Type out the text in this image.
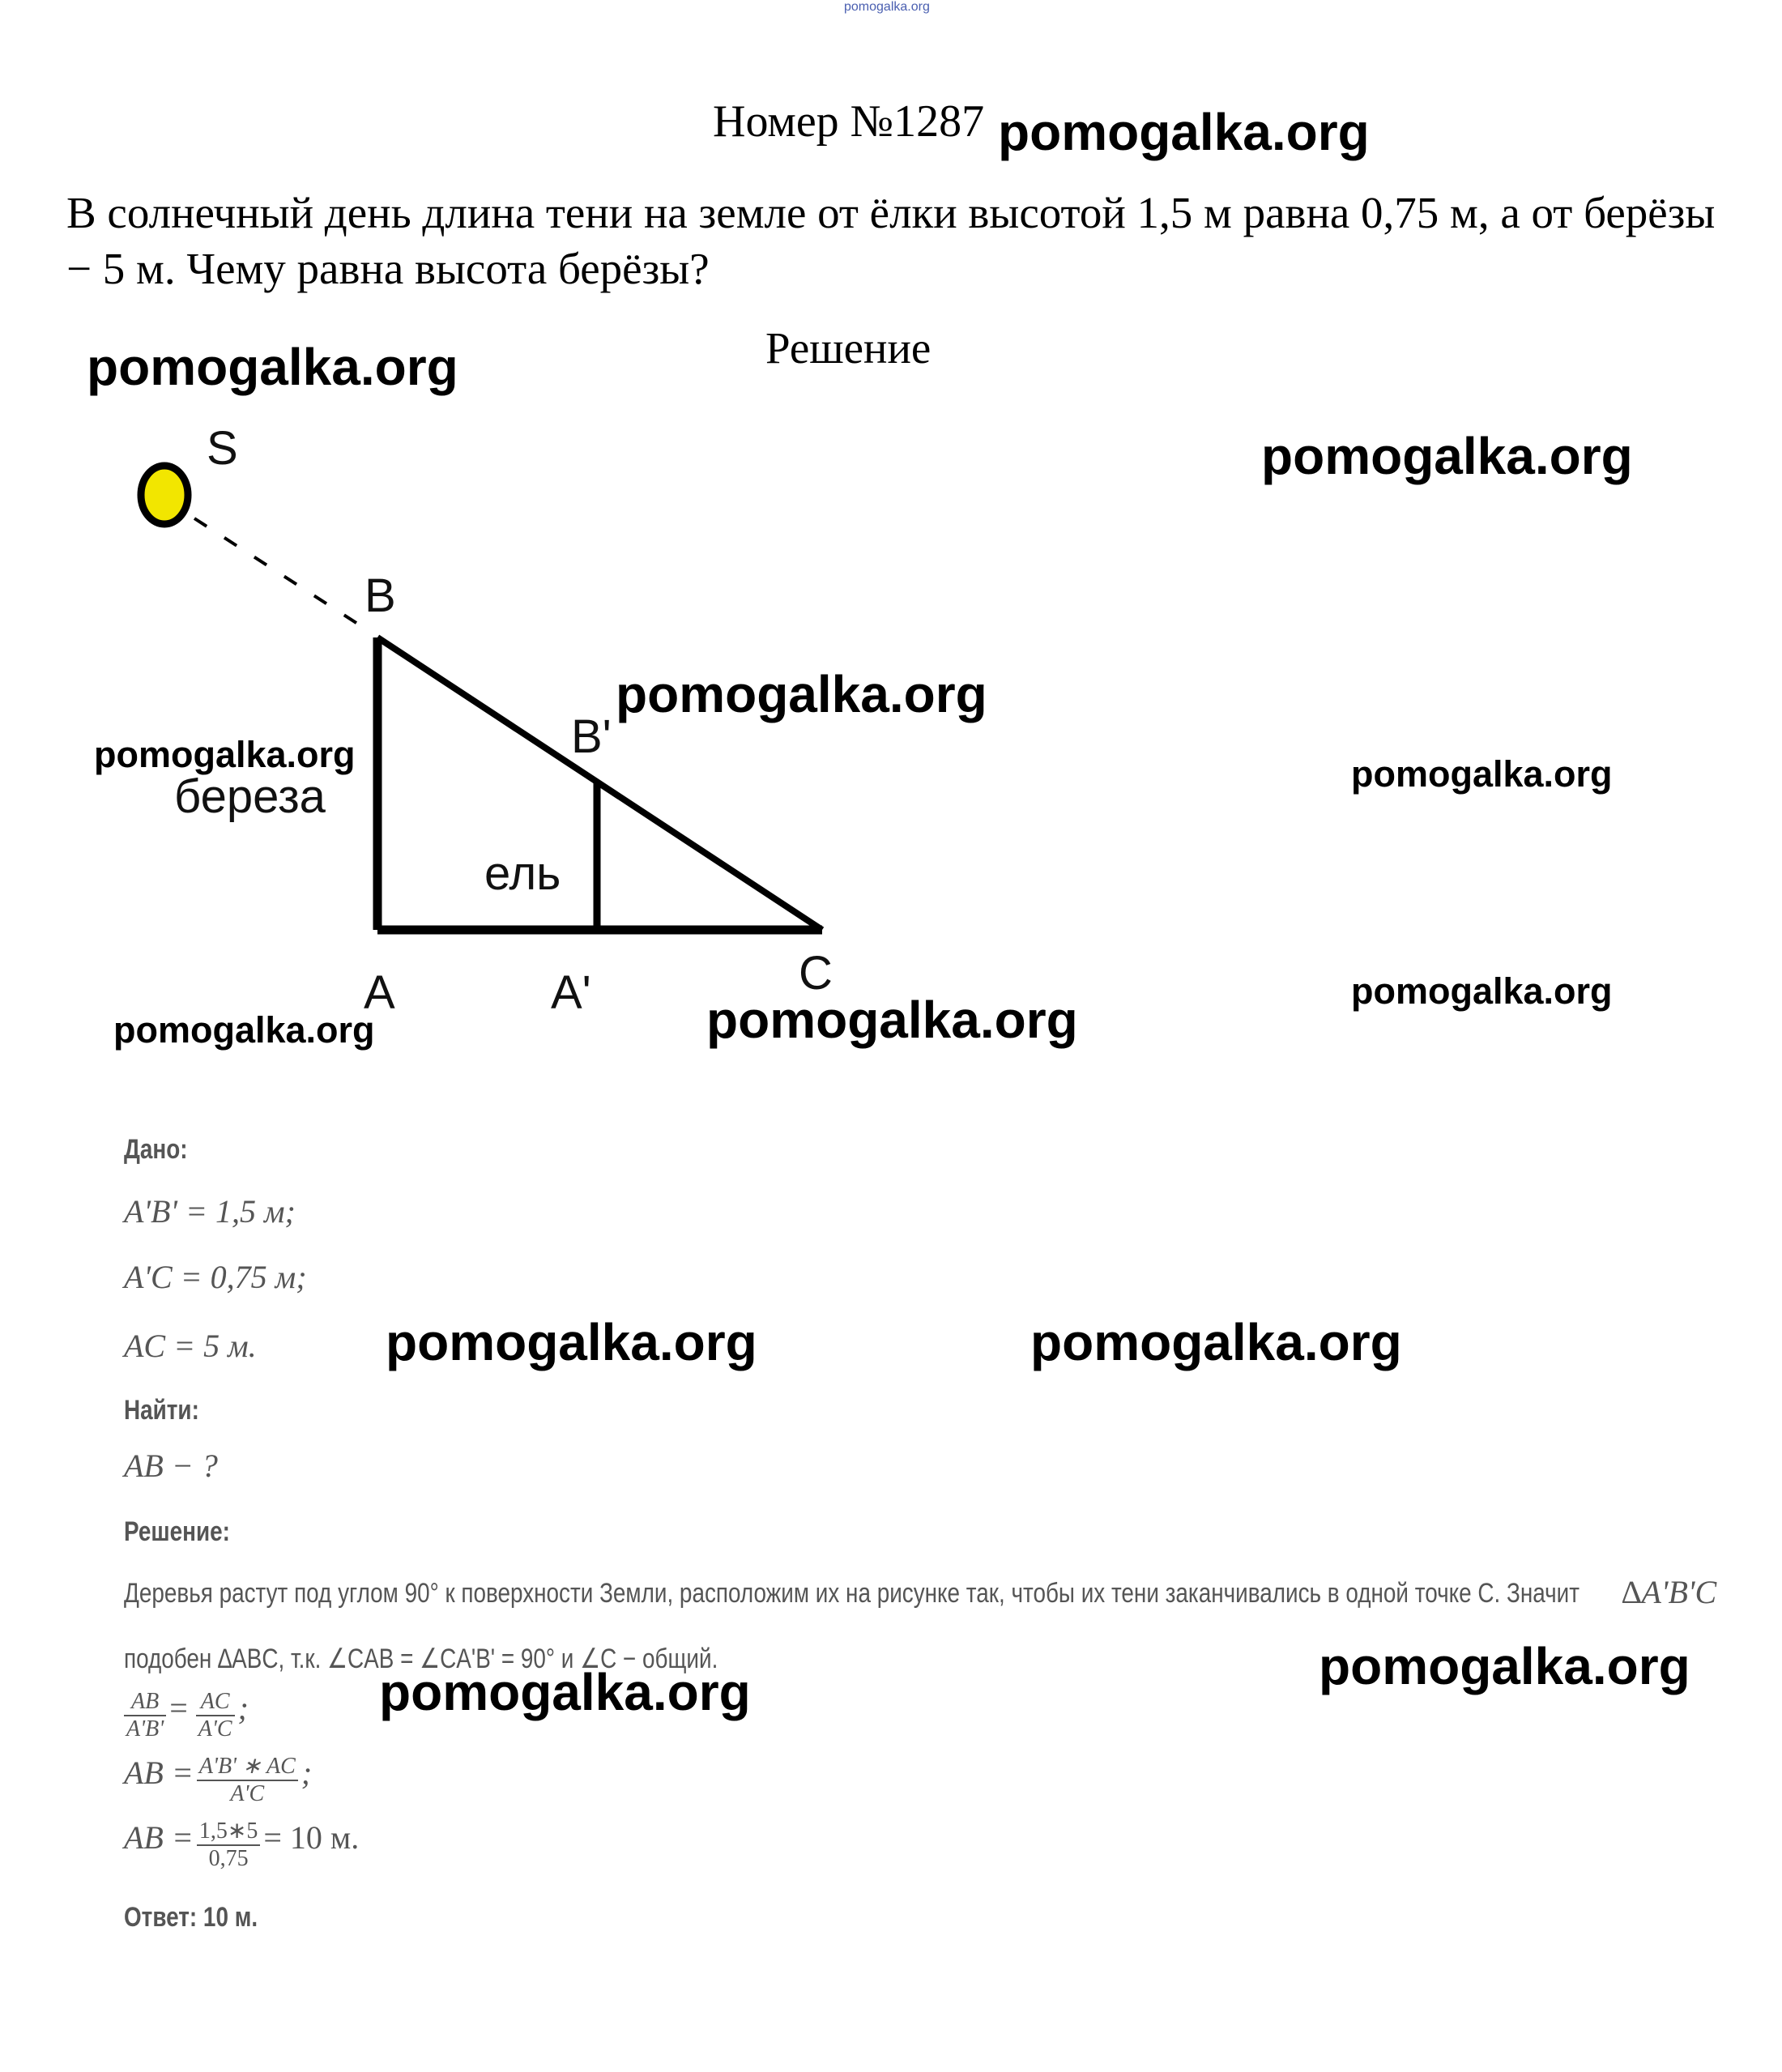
pomogalka.org
Номер №1287
В солнечный день длина тени на земле от ёлки высотой 1,5 м равна 0,75 м, а от берёзы − 5 м. Чему равна высота берёзы?
Решение
pomogalka.org
pomogalka.org
pomogalka.org
pomogalka.org
pomogalka.org	pomogalka.org
pomogalka.org	pomogalka.org
pomogalka.org
pomogalka.org	pomogalka.org
pomogalka.org
pomogalka.org
S
B
B'
A	A'	C
береза
ель
Дано:
A'B' = 1,5 м;
A'C = 0,75 м;
AC = 5 м.
Найти:
AB − ?
Решение:
Деревья растут под углом 90° к поверхности Земли, расположим их на рисунке так, чтобы их тени заканчивались в одной точке С. Значит ∆A'B'C
подобен ∆ABC, т.к. ∠CAB = ∠CA'B' = 90° и ∠C − общий.
$\frac{AB}{A'B'} = \frac{AC}{A'C}$ ;
AB = $\frac{A'B' ∗ AC}{A'C}$ ;
AB = $\frac{1,5∗5}{0,75} = 10$ м.
Ответ: 10 м.
